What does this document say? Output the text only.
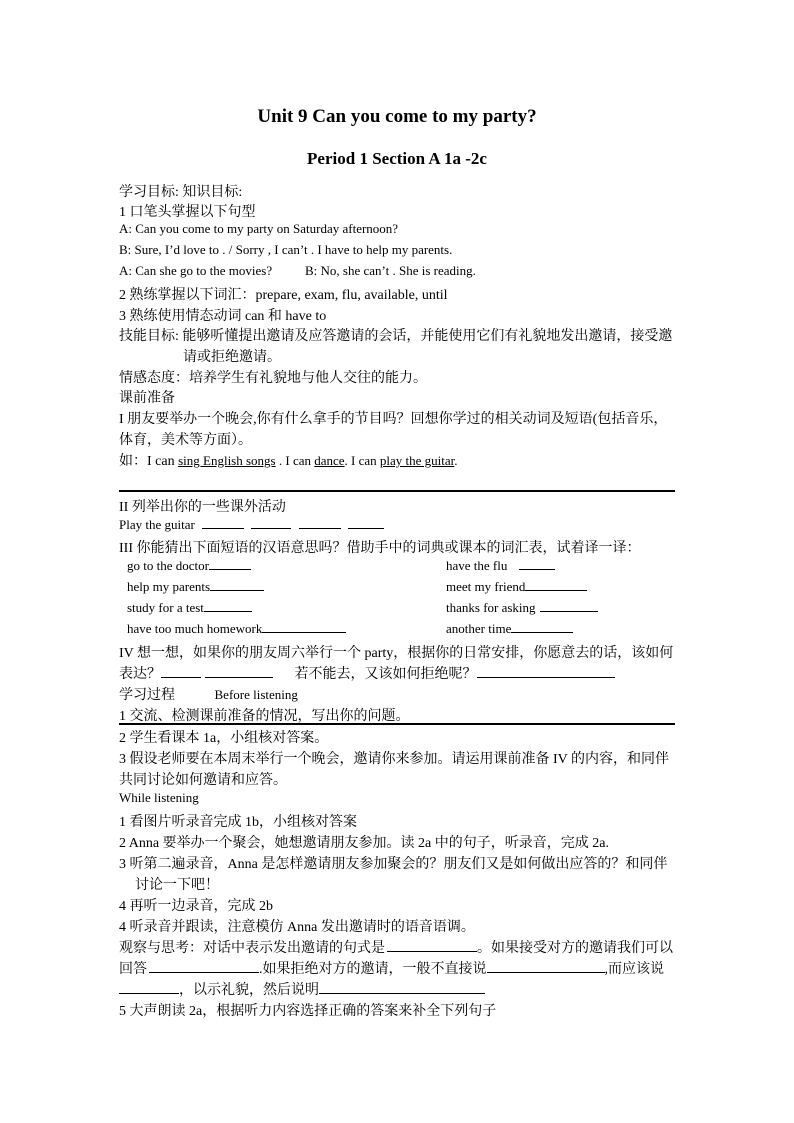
Unit 9 Can you come to my party?
Period 1 Section A 1a -2c
学习目标: 知识目标:
1 口笔头掌握以下句型
A: Can you come to my party on Saturday afternoon?
B: Sure, I’d love to . / Sorry , I can’t . I have to help my parents.
A: Can she go to the movies?	B: No, she can’t . She is reading.
2 熟练掌握以下词汇：prepare, exam, flu, available, until
3 熟练使用情态动词 can 和 have to
技能目标: 能够听懂提出邀请及应答邀请的会话，并能使用它们有礼貌地发出邀请，接受邀
请或拒绝邀请。
情感态度：培养学生有礼貌地与他人交往的能力。
课前准备
I 朋友要举办一个晚会,你有什么拿手的节目吗？回想你学过的相关动词及短语(包括音乐，
体育，美术等方面）。
如：I can sing English songs . I can dance. I can play the guitar.
II 列举出你的一些课外活动
Play the guitar
III 你能猜出下面短语的汉语意思吗？借助手中的词典或课本的词汇表，试着译一译：
go to the doctor	have the flu
help my parents	meet my friend
study for a test	thanks for asking
have too much homework	another time
IV 想一想，如果你的朋友周六举行一个 party，根据你的日常安排，你愿意去的话，该如何
表达？	若不能去，又该如何拒绝呢？
学习过程	Before listening
1 交流、检测课前准备的情况，写出你的问题。
2 学生看课本 1a，小组核对答案。
3 假设老师要在本周末举行一个晚会，邀请你来参加。请运用课前准备 IV 的内容，和同伴
共同讨论如何邀请和应答。
While listening
1 看图片听录音完成 1b，小组核对答案
2 Anna 要举办一个聚会，她想邀请朋友参加。读 2a 中的句子，听录音，完成 2a.
3 听第二遍录音，Anna 是怎样邀请朋友参加聚会的？朋友们又是如何做出应答的？和同伴
讨论一下吧！
4 再听一边录音，完成 2b
4 听录音并跟读，注意模仿 Anna 发出邀请时的语音语调。
观察与思考：对话中表示发出邀请的句式是	。如果接受对方的邀请我们可以
回答	.如果拒绝对方的邀请，一般不直接说	,而应该说
，以示礼貌，然后说明
5 大声朗读 2a，根据听力内容选择正确的答案来补全下列句子
